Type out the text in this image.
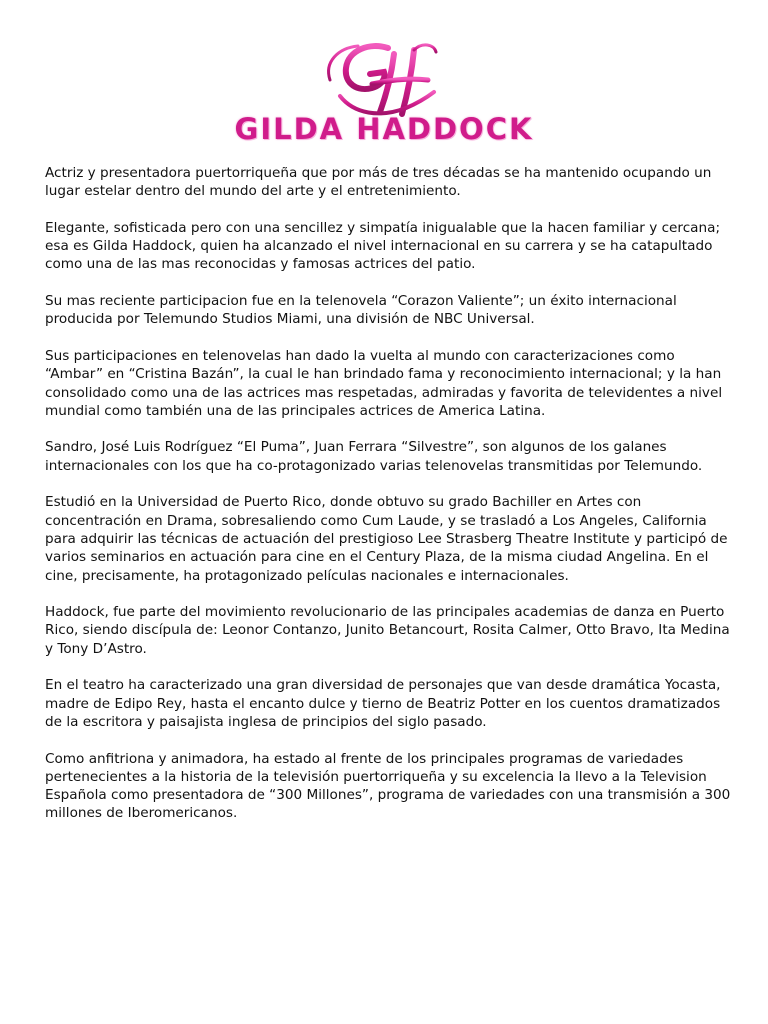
GILDA HADDOCK

Actriz y presentadora puertorriqueña que por más de tres décadas se ha mantenido ocupando un lugar estelar dentro del mundo del arte y el entretenimiento.

Elegante, sofisticada pero con una sencillez y simpatía inigualable que la hacen familiar y cercana; esa es Gilda Haddock, quien ha alcanzado el nivel internacional en su carrera y se ha catapultado como una de las mas reconocidas y famosas actrices del patio.

Su mas reciente participacion fue en la telenovela “Corazon Valiente”; un éxito internacional producida por Telemundo Studios Miami, una división de NBC Universal.

Sus participaciones en telenovelas han dado la vuelta al mundo con caracterizaciones como “Ambar” en “Cristina Bazán”, la cual le han brindado fama y reconocimiento internacional; y la han consolidado como una de las actrices mas respetadas, admiradas y favorita de televidentes a nivel mundial como también una de las principales actrices de America Latina.

Sandro, José Luis Rodríguez “El Puma”, Juan Ferrara “Silvestre”, son algunos de los galanes internacionales con los que ha co-protagonizado varias telenovelas transmitidas por Telemundo.

Estudió en la Universidad de Puerto Rico, donde obtuvo su grado Bachiller en Artes con concentración en Drama, sobresaliendo como Cum Laude, y se trasladó a Los Angeles, California para adquirir las técnicas de actuación del prestigioso Lee Strasberg Theatre Institute y participó de varios seminarios en actuación para cine en el Century Plaza, de la misma ciudad Angelina. En el cine, precisamente, ha protagonizado películas nacionales e internacionales.

Haddock, fue parte del movimiento revolucionario de las principales academias de danza en Puerto Rico, siendo discípula de: Leonor Contanzo, Junito Betancourt, Rosita Calmer, Otto Bravo, Ita Medina y Tony D’Astro.

En el teatro ha caracterizado una gran diversidad de personajes que van desde dramática Yocasta, madre de Edipo Rey, hasta el encanto dulce y tierno de Beatriz Potter en los cuentos dramatizados de la escritora y paisajista inglesa de principios del siglo pasado.

Como anfitriona y animadora, ha estado al frente de los principales programas de variedades pertenecientes a la historia de la televisión puertorriqueña y su excelencia la llevo a la Television Española como presentadora de “300 Millones”, programa de variedades con una transmisión a 300 millones de Iberomericanos.
